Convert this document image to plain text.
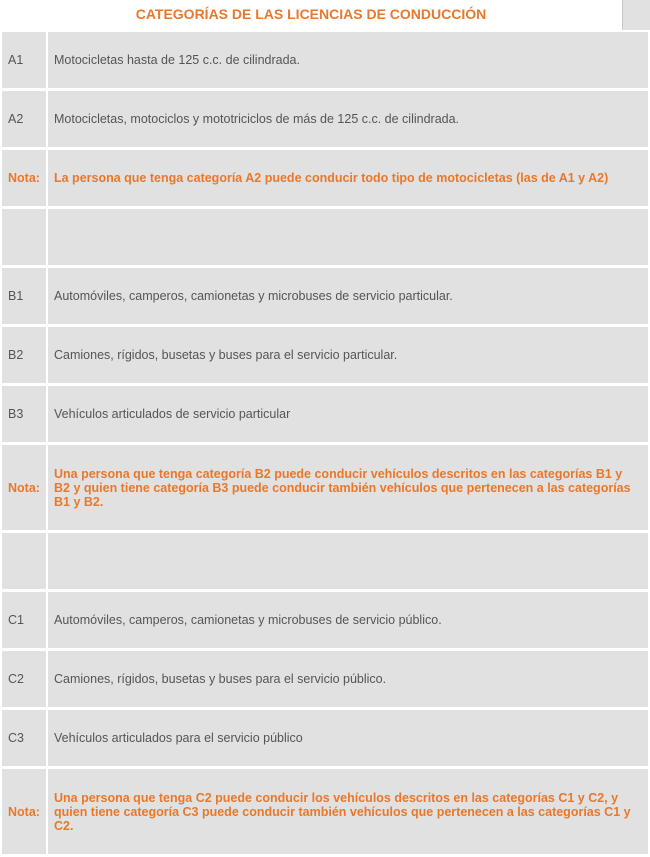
CATEGORÍAS DE LAS LICENCIAS DE CONDUCCIÓN
A1	Motocicletas hasta de 125 c.c. de cilindrada.
A2	Motocicletas, motociclos y mototriciclos de más de 125 c.c. de cilindrada.
Nota:	La persona que tenga categoría A2 puede conducir todo tipo de motocicletas (las de A1 y A2)

B1	Automóviles, camperos, camionetas y microbuses de servicio particular.
B2	Camiones, rígidos, busetas y buses para el servicio particular.
B3	Vehículos articulados de servicio particular
Nota:	Una persona que tenga categoría B2 puede conducir vehículos descritos en las categorías B1 y B2 y quien tiene categoría B3 puede conducir también vehículos que pertenecen a las categorías B1 y B2.

C1	Automóviles, camperos, camionetas y microbuses de servicio público.
C2	Camiones, rígidos, busetas y buses para el servicio público.
C3	Vehículos articulados para el servicio público
Nota:	Una persona que tenga C2 puede conducir los vehículos descritos en las categorías C1 y C2, y quien tiene categoría C3 puede conducir también vehículos que pertenecen a las categorías C1 y C2.
